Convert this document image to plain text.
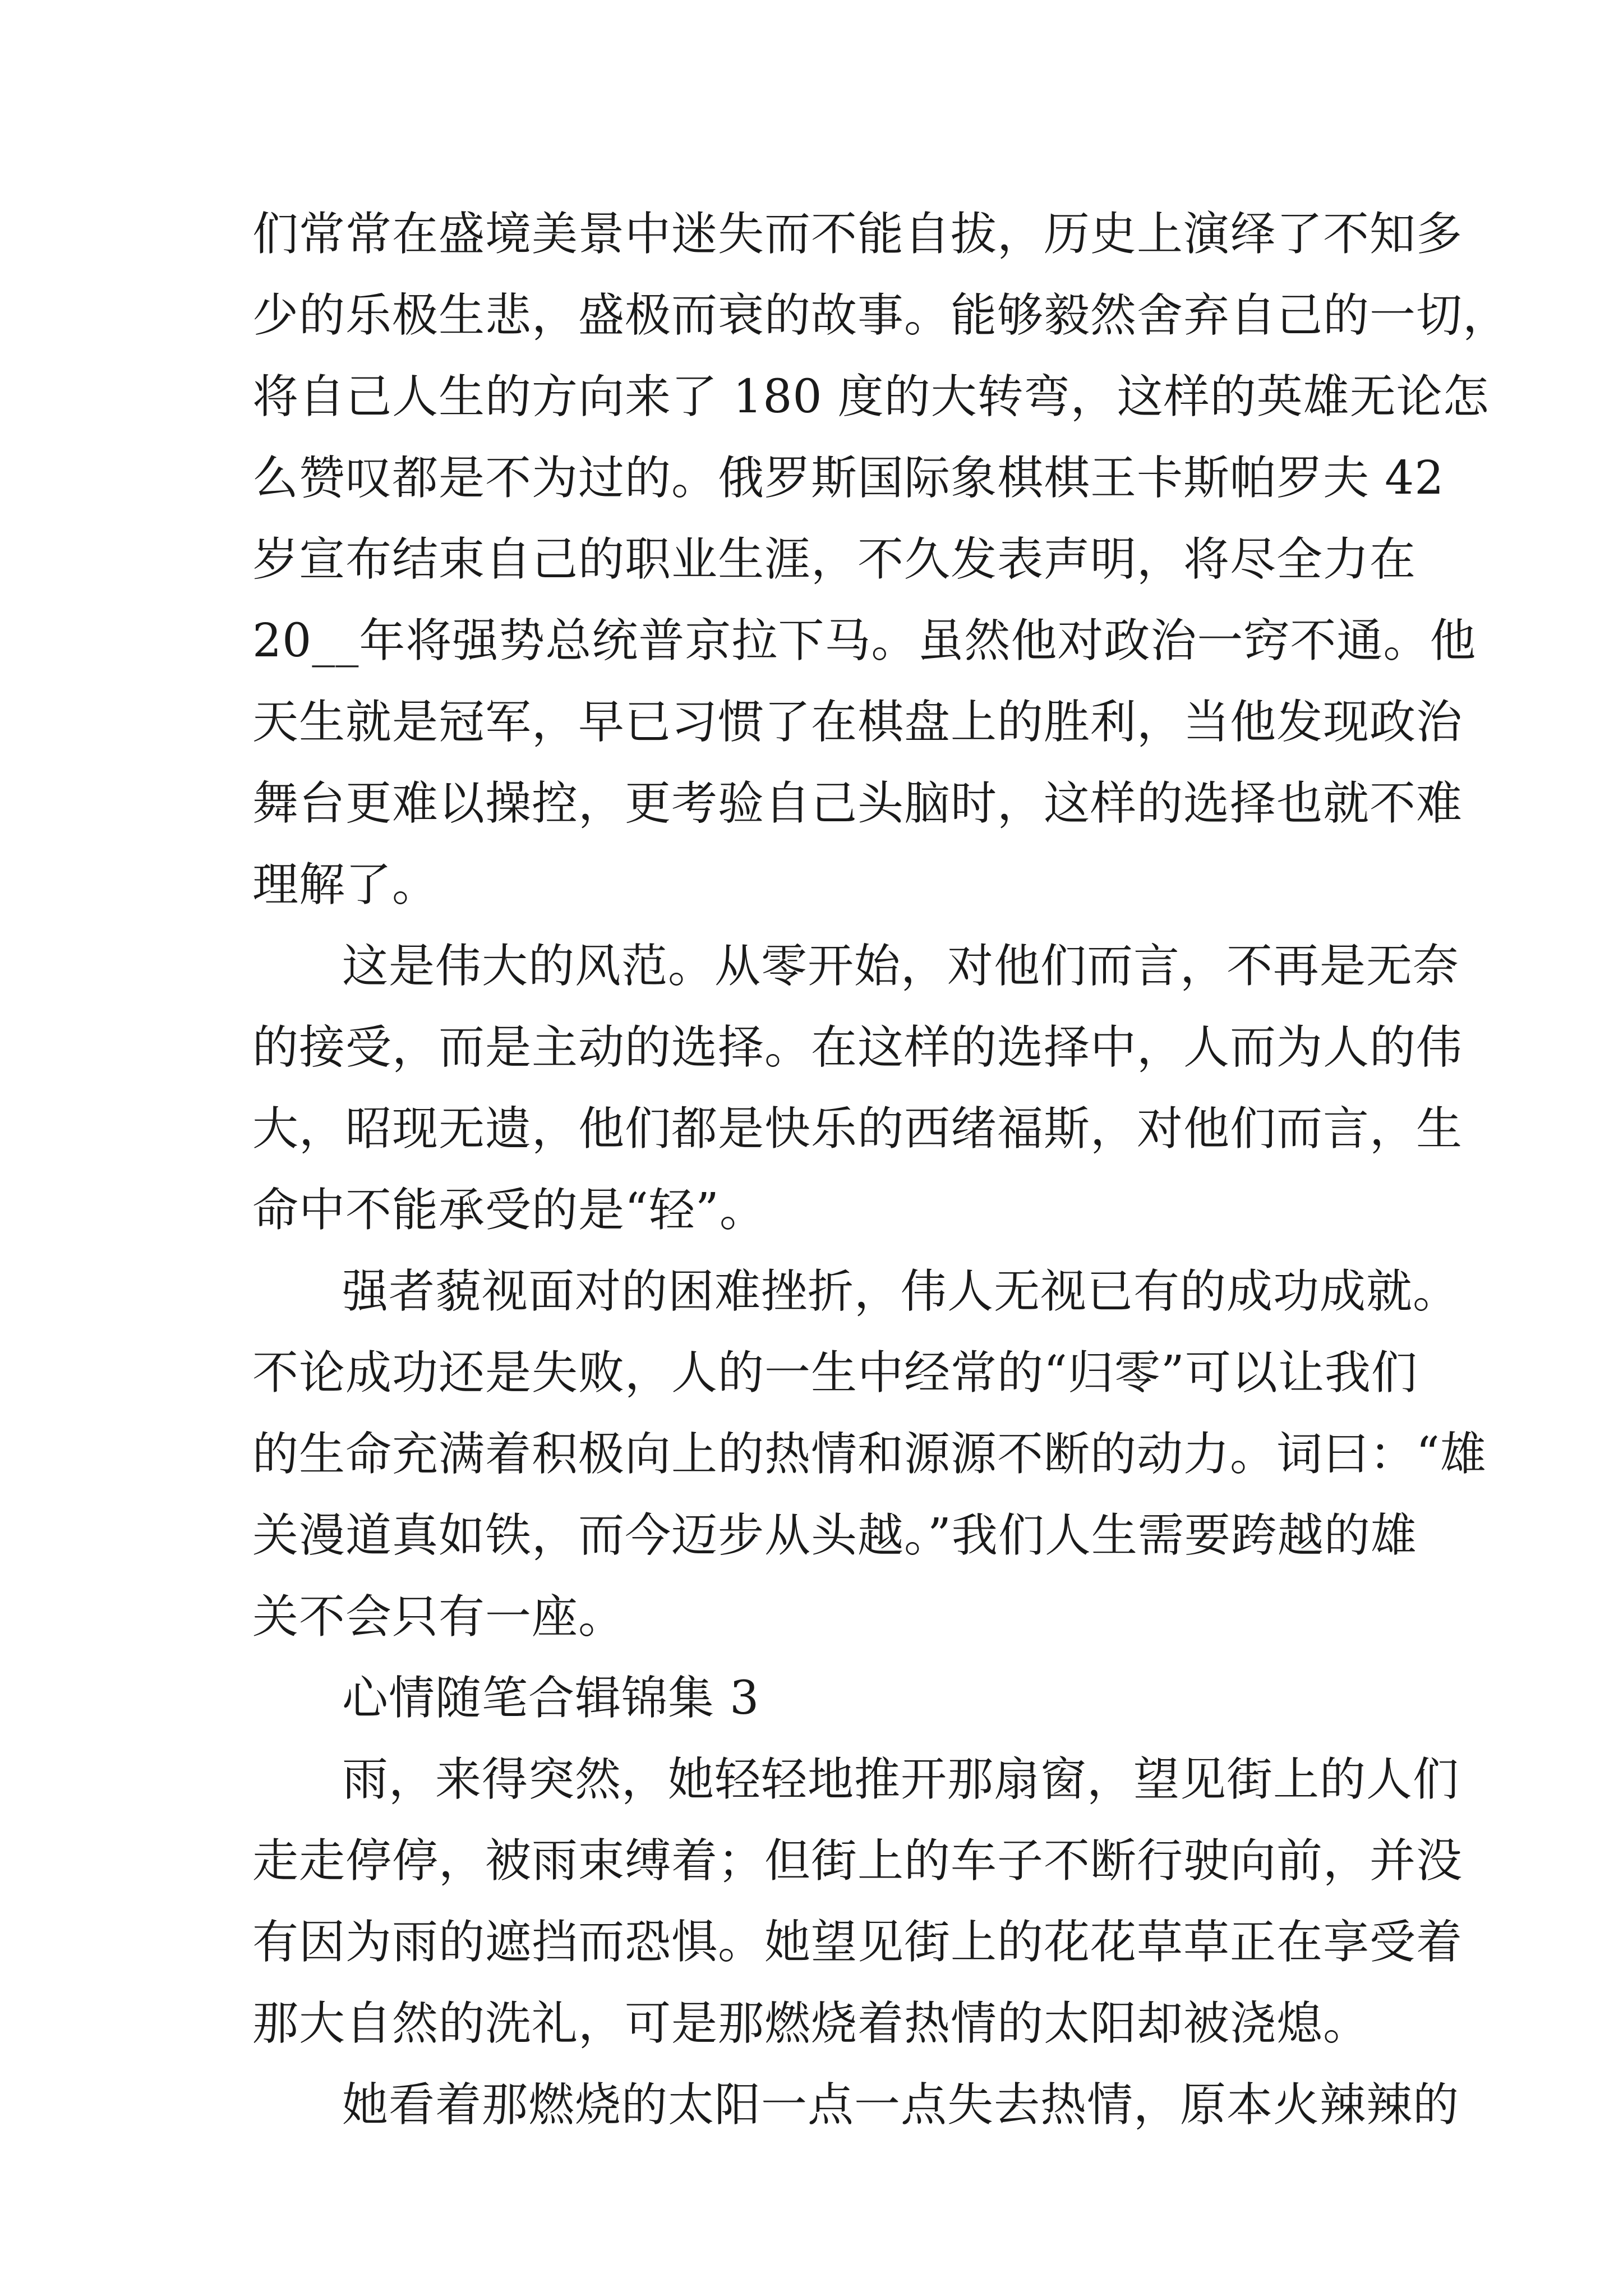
们常常在盛境美景中迷失而不能自拔，历史上演绎了不知多
少的乐极生悲，盛极而衰的故事。能够毅然舍弃自己的一切，
将自己人生的方向来了 180 度的大转弯，这样的英雄无论怎
么赞叹都是不为过的。俄罗斯国际象棋棋王卡斯帕罗夫 42
岁宣布结束自己的职业生涯，不久发表声明，将尽全力在
20__年将强势总统普京拉下马。虽然他对政治一窍不通。他
天生就是冠军，早已习惯了在棋盘上的胜利，当他发现政治
舞台更难以操控，更考验自己头脑时，这样的选择也就不难
理解了。
这是伟大的风范。从零开始，对他们而言，不再是无奈
的接受，而是主动的选择。在这样的选择中，人而为人的伟
大，昭现无遗，他们都是快乐的西绪福斯，对他们而言，生
命中不能承受的是“轻”。
强者藐视面对的困难挫折，伟人无视已有的成功成就。
不论成功还是失败，人的一生中经常的“归零”可以让我们
的生命充满着积极向上的热情和源源不断的动力。词曰：“雄
关漫道真如铁，而今迈步从头越。”我们人生需要跨越的雄
关不会只有一座。
心情随笔合辑锦集 3
雨，来得突然，她轻轻地推开那扇窗，望见街上的人们
走走停停，被雨束缚着；但街上的车子不断行驶向前，并没
有因为雨的遮挡而恐惧。她望见街上的花花草草正在享受着
那大自然的洗礼，可是那燃烧着热情的太阳却被浇熄。
她看着那燃烧的太阳一点一点失去热情，原本火辣辣的
